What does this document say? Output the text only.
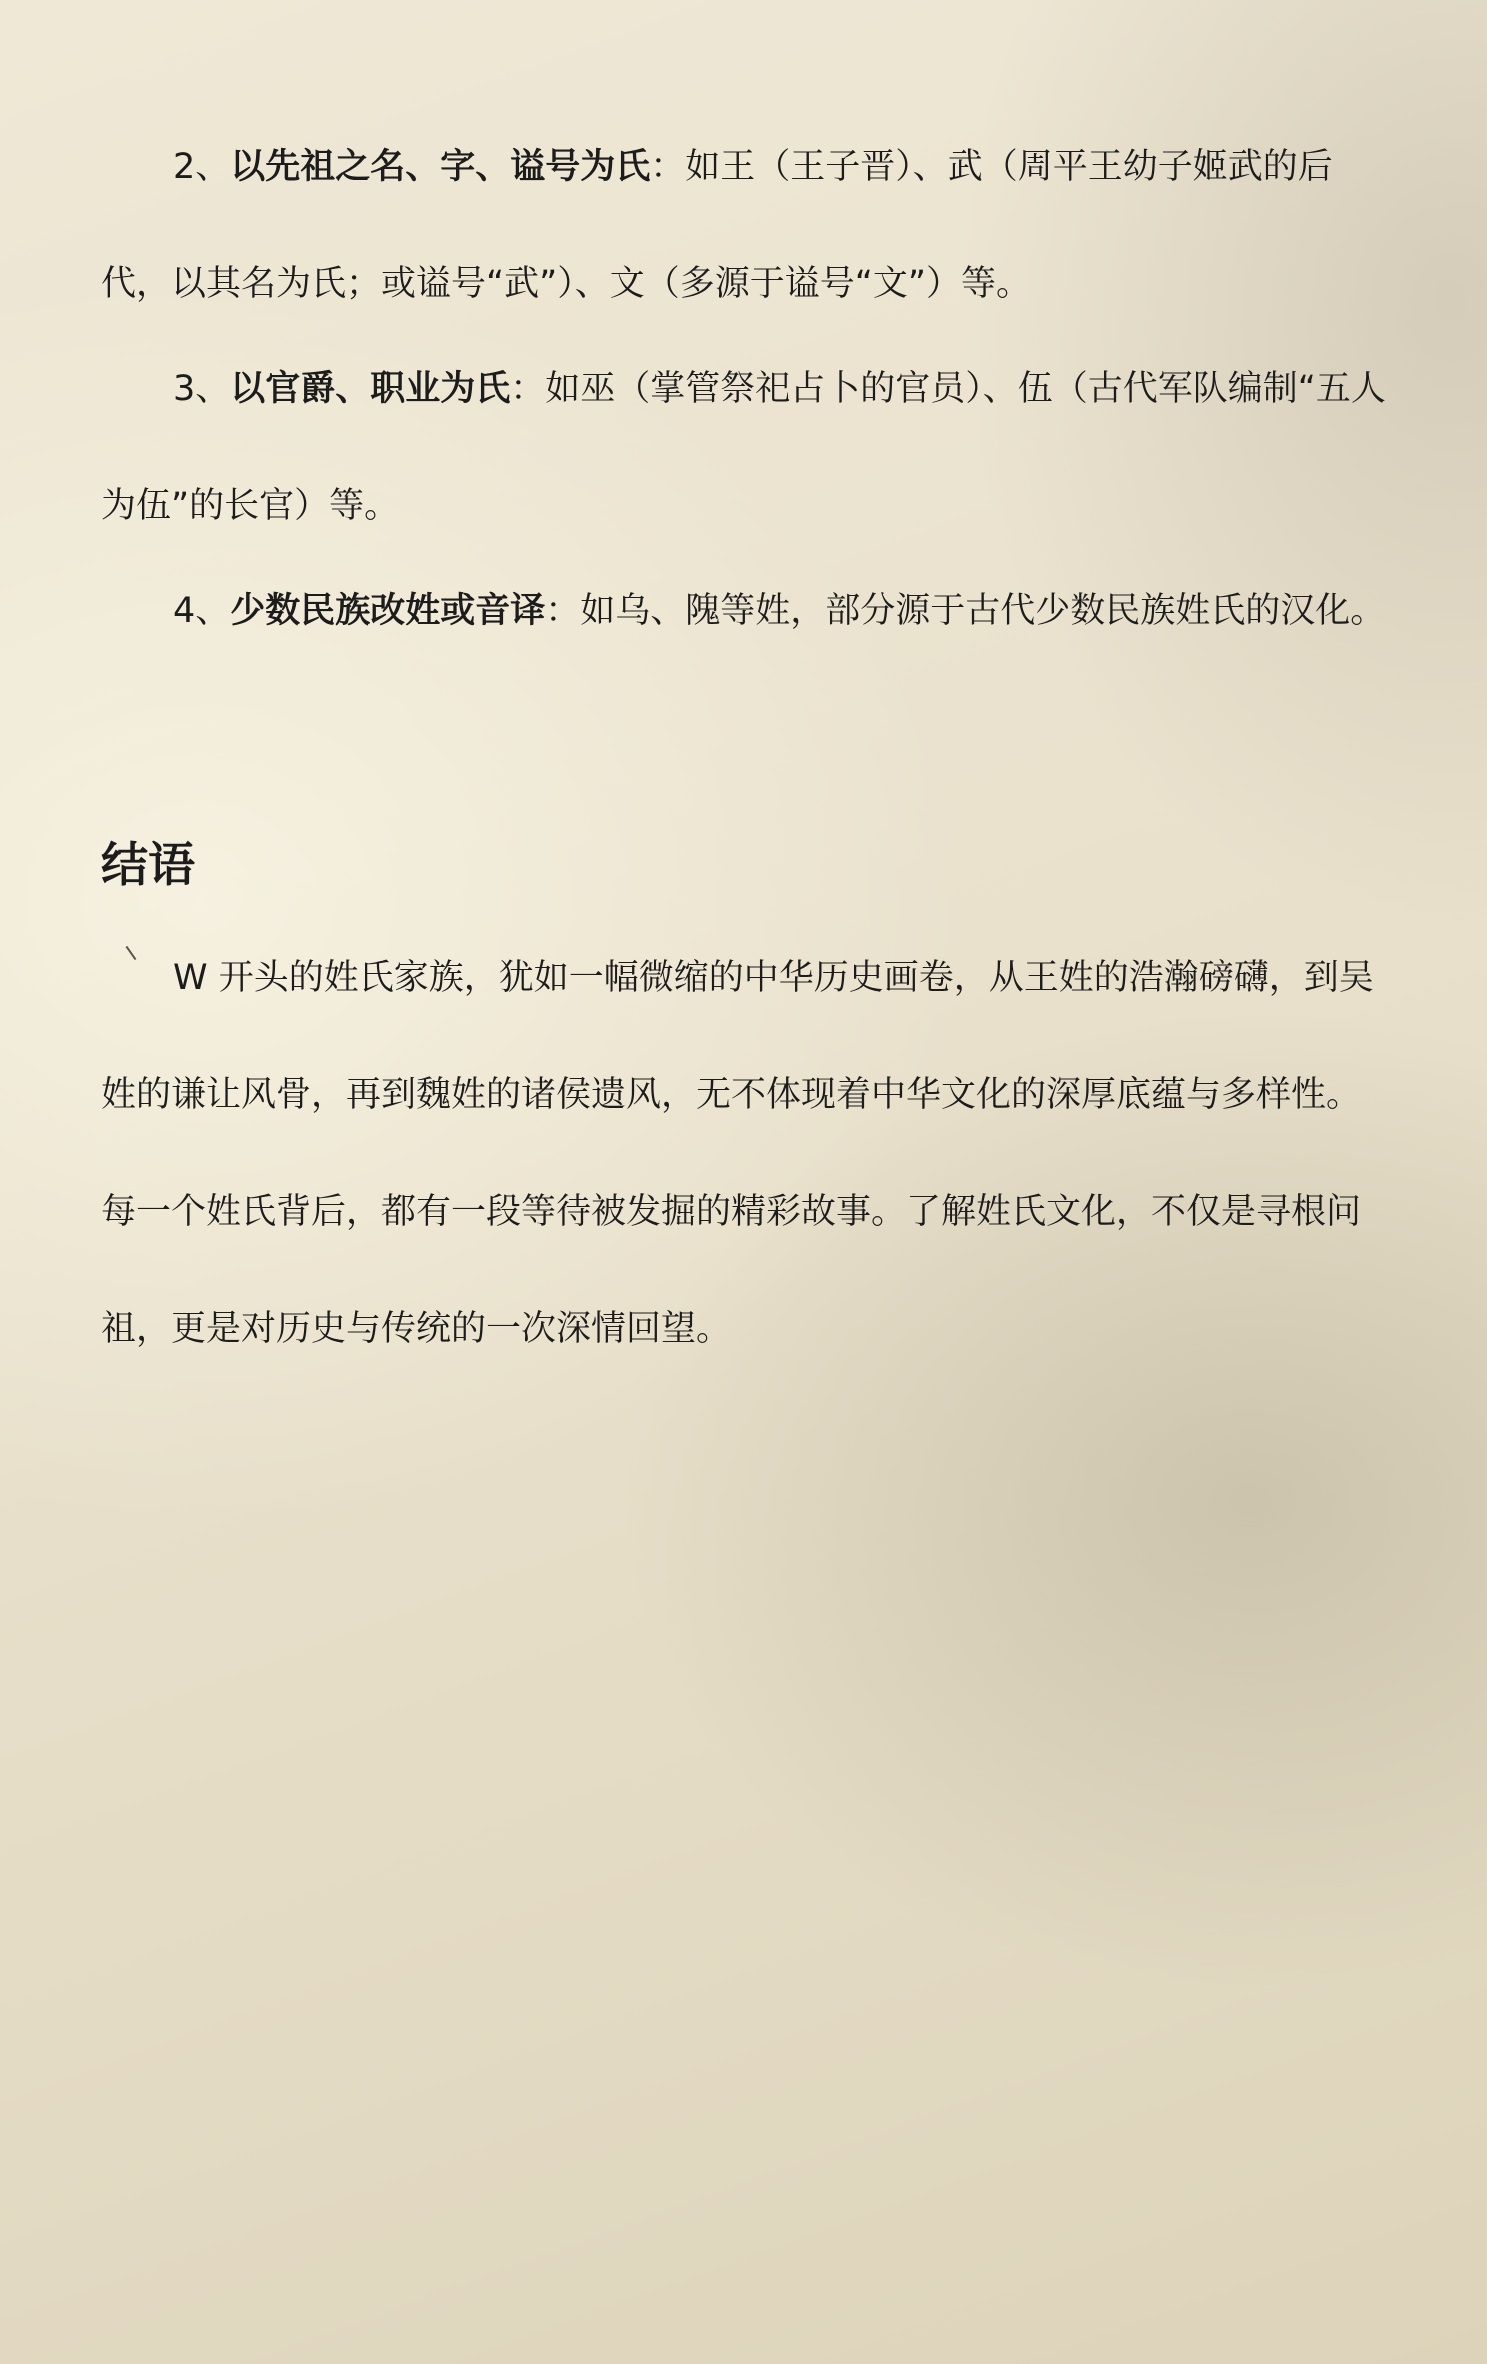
2、以先祖之名、字、谥号为氏：如王（王子晋）、武（周平王幼子姬武的后代，以其名为氏；或谥号“武”）、文（多源于谥号“文”）等。

3、以官爵、职业为氏：如巫（掌管祭祀占卜的官员）、伍（古代军队编制“五人为伍”的长官）等。

4、少数民族改姓或音译：如乌、隗等姓，部分源于古代少数民族姓氏的汉化。

结语

W 开头的姓氏家族，犹如一幅微缩的中华历史画卷，从王姓的浩瀚磅礴，到吴姓的谦让风骨，再到魏姓的诸侯遗风，无不体现着中华文化的深厚底蕴与多样性。每一个姓氏背后，都有一段等待被发掘的精彩故事。了解姓氏文化，不仅是寻根问祖，更是对历史与传统的一次深情回望。
